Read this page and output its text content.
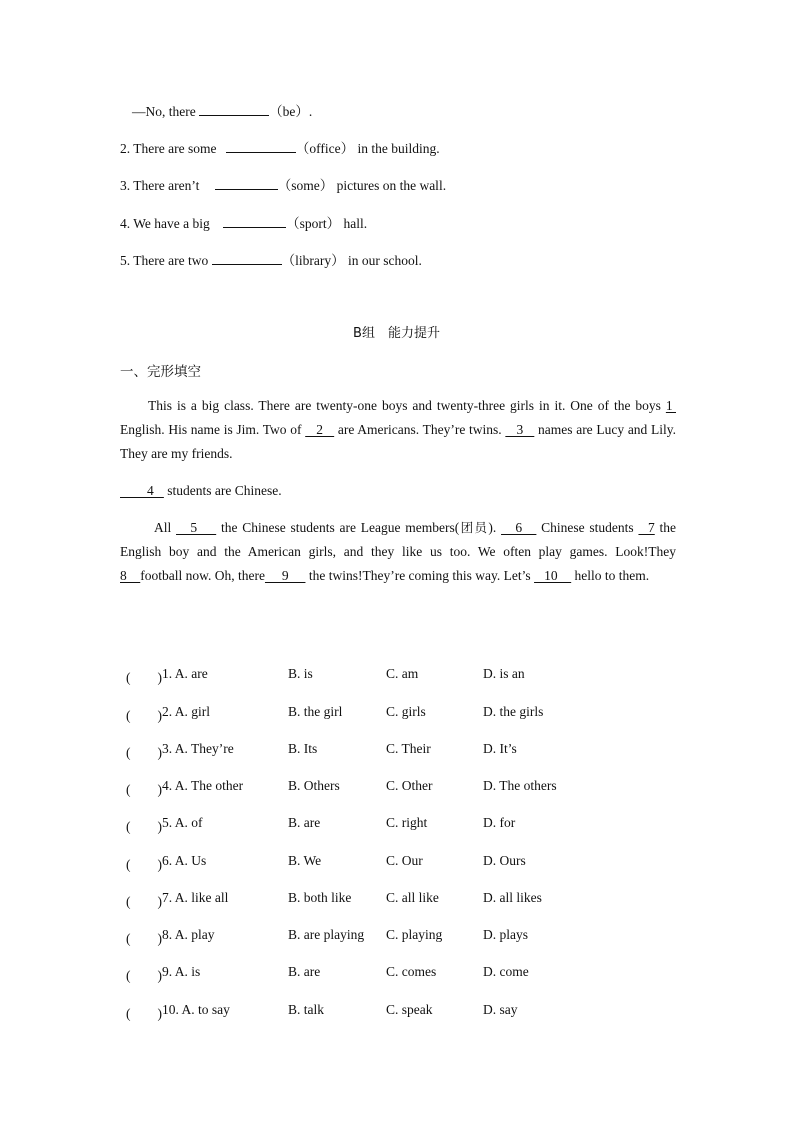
—No, there	（be）.
2. There are some	（office） in the building.
3. There aren’t	（some） pictures on the wall.
4. We have a big	（sport） hall.
5. There are two	（library） in our school.
B组　能力提升
一、完形填空
This is a big class. There are twenty-one boys and twenty-three girls in it. One of the boys 1  English. His name is Jim. Two of    2    are Americans. They’re twins.    3    names are Lucy and Lily. They are my friends.
4    students are Chinese.
All    5     the Chinese students are League members(团员).    6    Chinese students   7 the English boy and the American girls, and they like us too. We often play games. Look!They 8    football now. Oh, there     9      the twins!They’re coming this way. Let’s    10     hello to them.
(　　) 1. A. are	B. is	C. am	D. is an
(　　) 2. A. girl	B. the girl	C. girls	D. the girls
(　　) 3. A. They’re	B. Its	C. Their	D. It’s
(　　) 4. A. The other	B. Others	C. Other	D. The others
(　　) 5. A. of	B. are	C. right	D. for
(　　) 6. A. Us	B. We	C. Our	D. Ours
(　　) 7. A. like all	B. both like	C. all like	D. all likes
(　　) 8. A. play	B. are playing C. playing	D. plays
(　　) 9. A. is	B. are	C. comes	D. come
(　　) 10. A. to say	B. talk	C. speak	D. say
